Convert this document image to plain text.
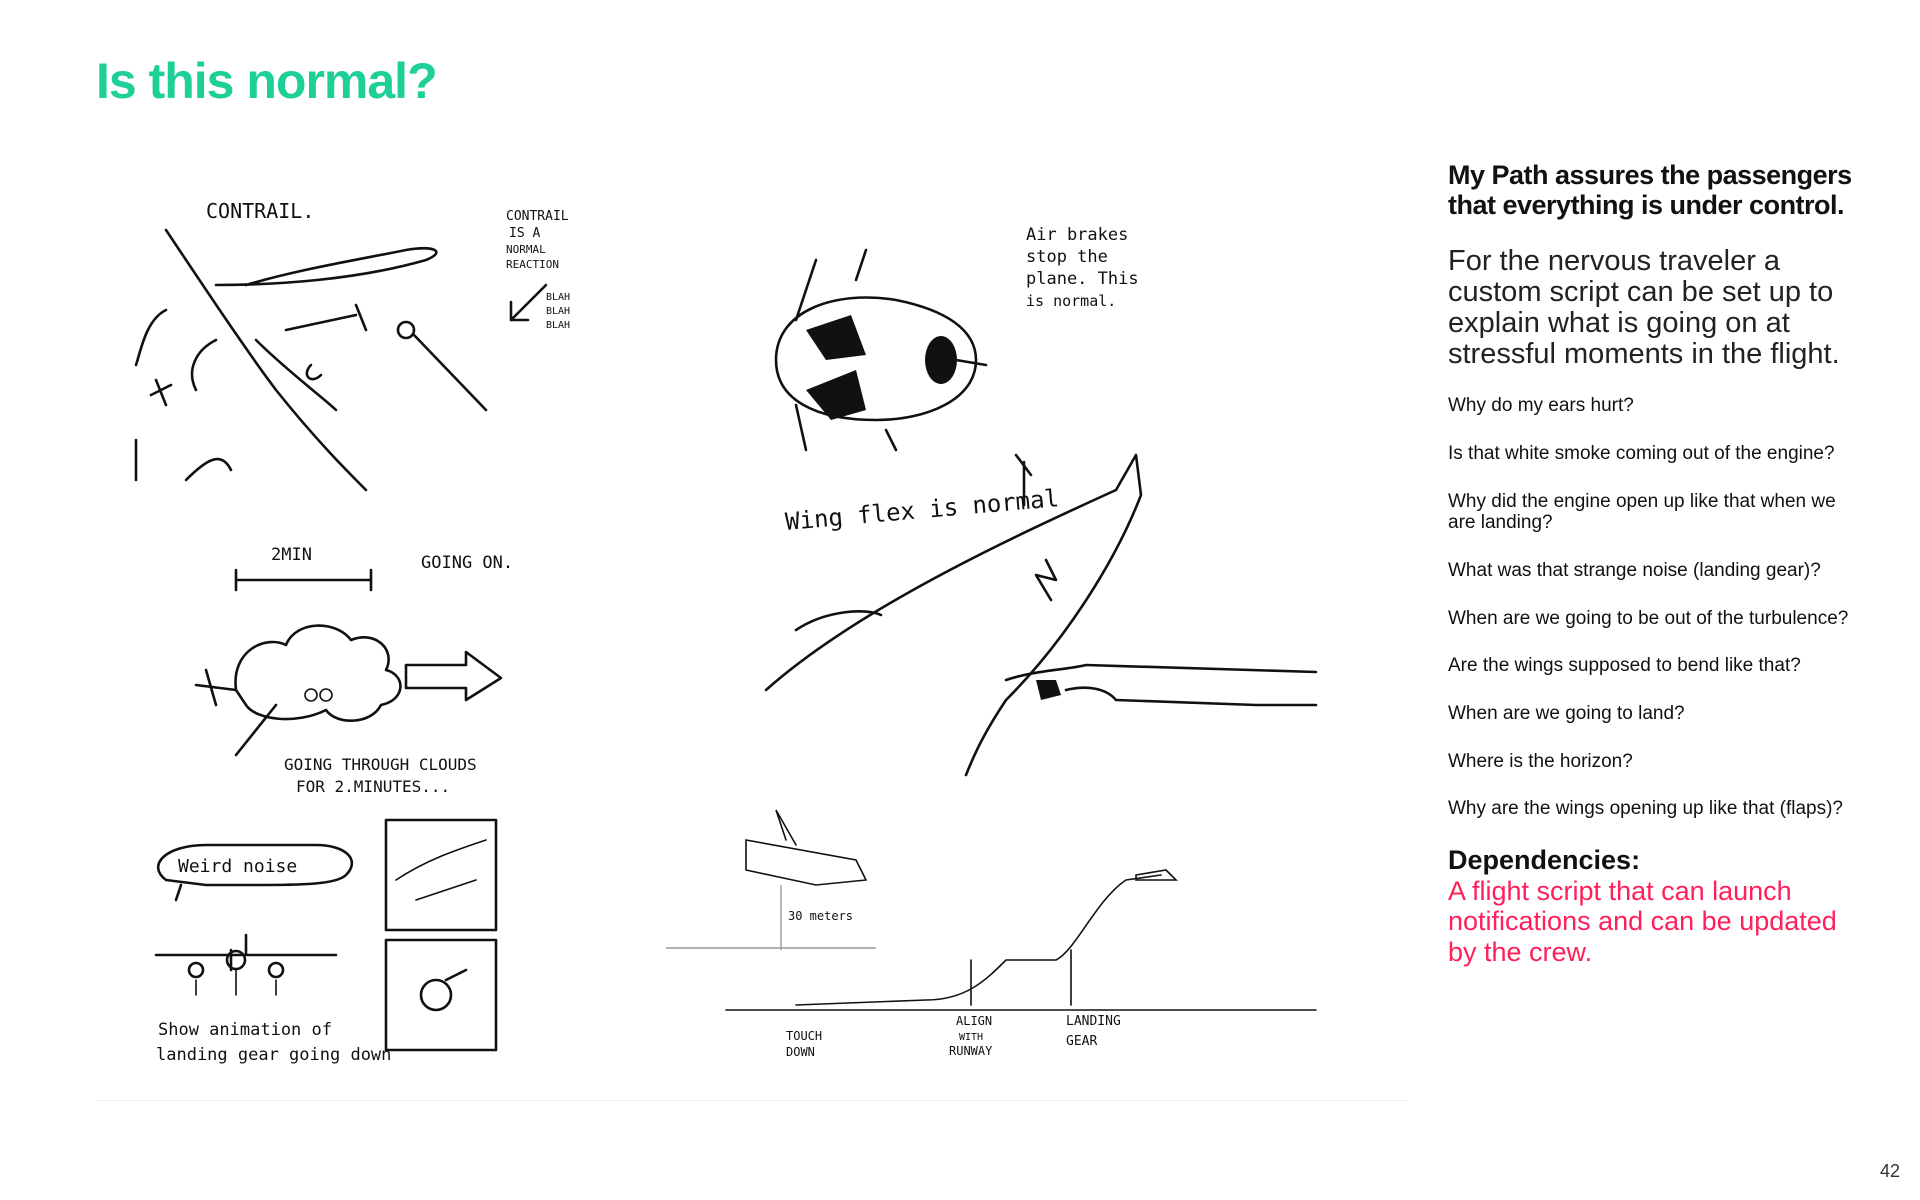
Is this normal?
CONTRAIL.	CONTRAIL
IS A
NORMAL
REACTION
BLAH
BLAH
BLAH
Air brakes
stop the
plane. This
is normal.
2MIN	GOING ON.
GOING THROUGH CLOUDS
FOR 2.MINUTES...
Wing flex is normal
Weird noise
Show animation of
landing gear going down
30 meters
TOUCH
DOWN
ALIGN
WITH
RUNWAY
LANDING
GEAR

My Path assures the passengers that everything is under control.

For the nervous traveler a custom script can be set up to explain what is going on at stressful moments in the flight.

Why do my ears hurt?
Is that white smoke coming out of the engine?
Why did the engine open up like that when we are landing?
What was that strange noise (landing gear)?
When are we going to be out of the turbulence?
Are the wings supposed to bend like that?
When are we going to land?
Where is the horizon?
Why are the wings opening up like that (flaps)?

Dependencies:

A flight script that can launch notifications and can be updated by the crew.

42
